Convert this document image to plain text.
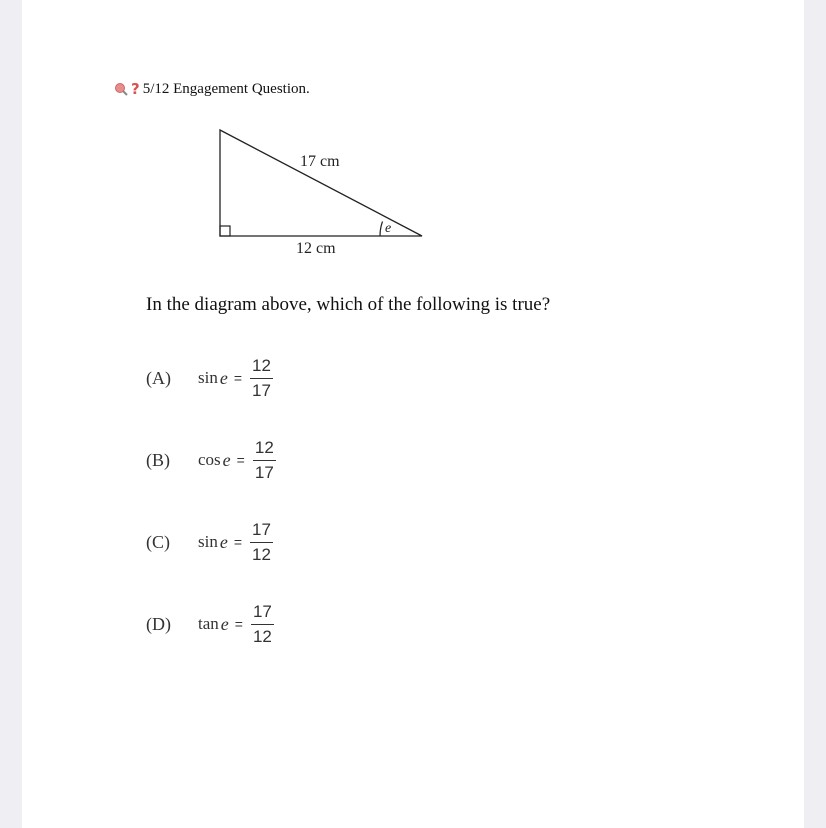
? 5/12 Engagement Question.
17 cm
12 cm
e
In the diagram above, which of the following is true?
(A)	$\sin e = \frac{12}{17}$
(B)	$\cos e = \frac{12}{17}$
(C)	$\sin e = \frac{17}{12}$
(D)	$\tan e = \frac{17}{12}$
